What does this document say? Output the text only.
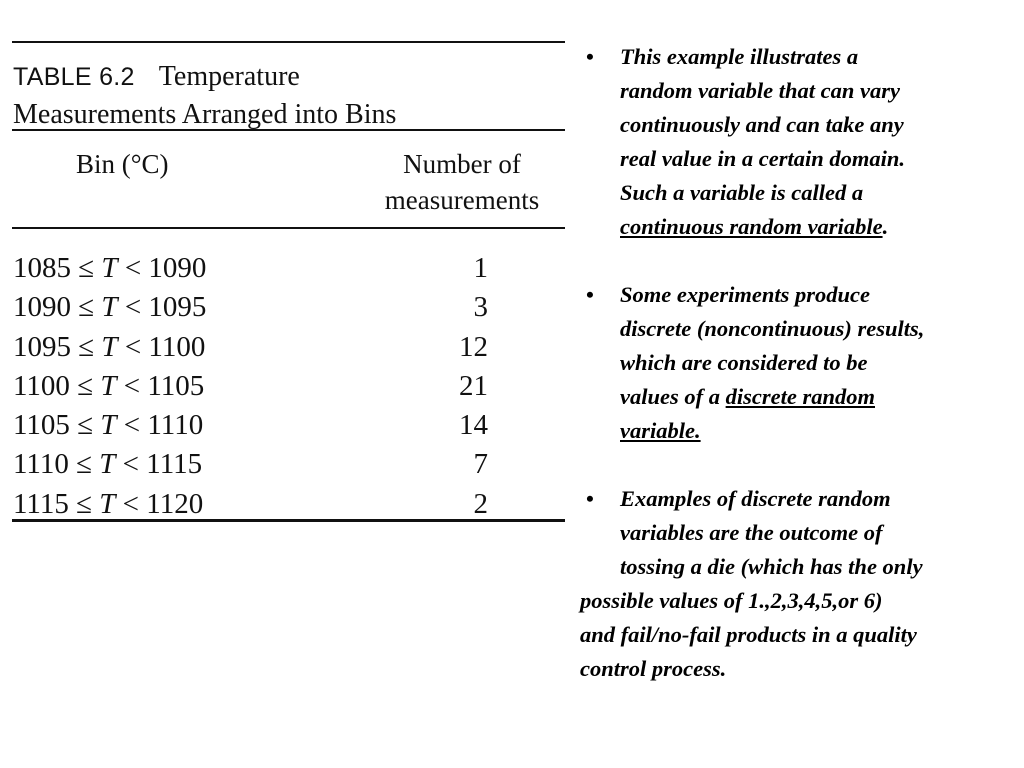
TABLE 6.2 Temperature
Measurements Arranged into Bins
Bin (°C)	Number of
measurements
1085 ≤ T < 1090	1
1090 ≤ T < 1095	3
1095 ≤ T < 1100	12
1100 ≤ T < 1105	21
1105 ≤ T < 1110	14
1110 ≤ T < 1115	7
1115 ≤ T < 1120	2
• This example illustrates a
random variable that can vary
continuously and can take any
real value in a certain domain.
Such a variable is called a
continuous random variable.
• Some experiments produce
discrete (noncontinuous) results,
which are considered to be
values of a discrete random
variable.
•	Examples of discrete random
variables are the outcome of
tossing a die (which has the only
possible values of 1.,2,3,4,5,or 6)
and fail/no-fail products in a quality
control process.
